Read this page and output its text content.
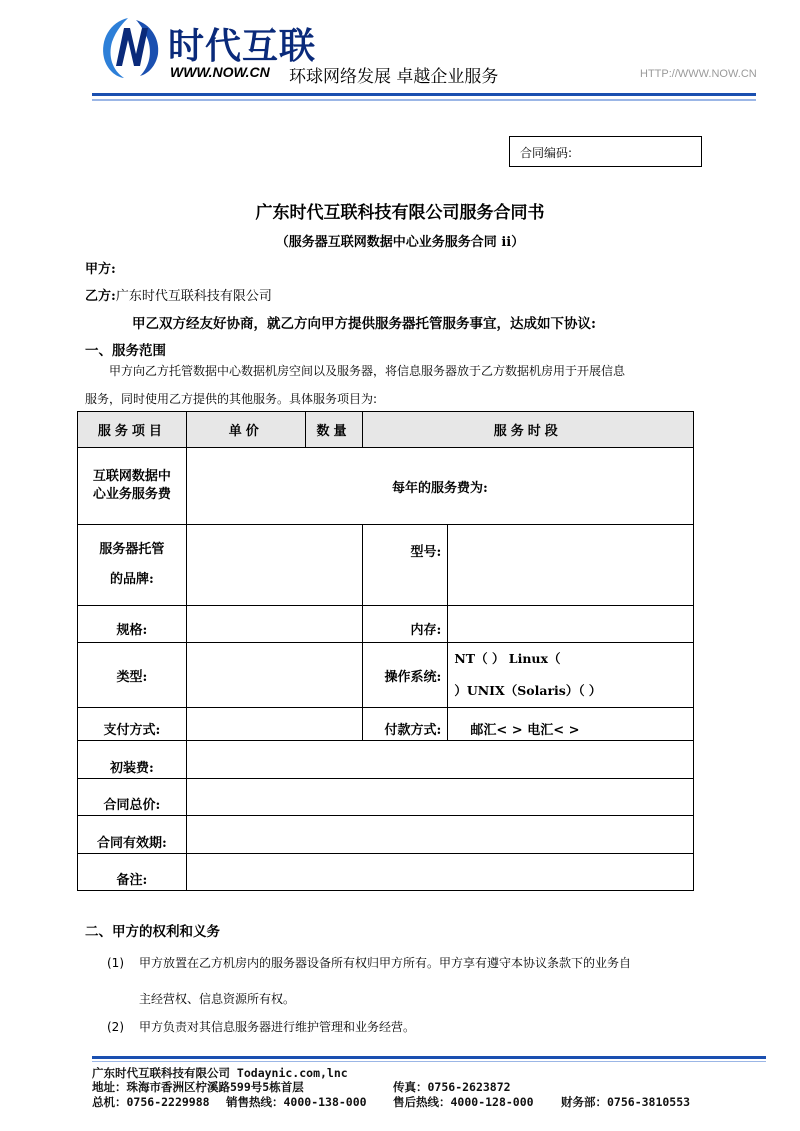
时代互联
WWW.NOW.CN 环球网络发展 卓越企业服务	HTTP://WWW.NOW.CN
合同编码:
广东时代互联科技有限公司服务合同书
（服务器互联网数据中心业务服务合同 ii）
甲方:
乙方:广东时代互联科技有限公司
甲乙双方经友好协商，就乙方向甲方提供服务器托管服务事宜，达成如下协议:
一、服务范围
甲方向乙方托管数据中心数据机房空间以及服务器，将信息服务器放于乙方数据机房用于开展信息
服务，同时使用乙方提供的其他服务。具体服务项目为:
服务项目	单价	数量	服务时段	
互联网数据中心业务服务费	每年的服务费为:			

服务器托管
的品牌:			型号:	
规格:			内存:	
类型:			操作系统:	NT（ ） Linux（
）UNIX（Solaris）（ ）

支付方式:			付款方式:	邮汇< > 电汇< >
初装费:				
合同总价:				
合同有效期:				
备注:				
二、甲方的权利和义务
(1) 甲方放置在乙方机房内的服务器设备所有权归甲方所有。甲方享有遵守本协议条款下的业务自
主经营权、信息资源所有权。
(2) 甲方负责对其信息服务器进行维护管理和业务经营。
广东时代互联科技有限公司 Todaynic.com,lnc
地址：珠海市香洲区柠溪路599号5栋首层	传真：0756-2623872
总机：0756-2229988 销售热线：4000-138-000 售后热线：4000-128-000 财务部：0756-3810553
